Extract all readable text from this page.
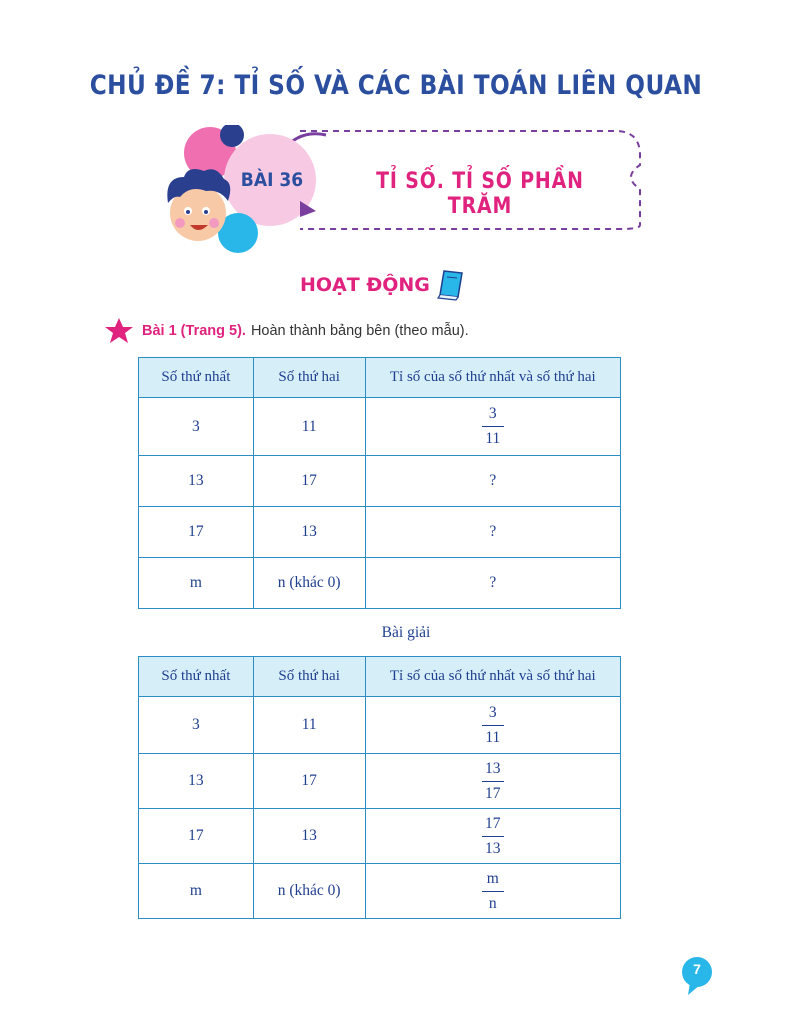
CHỦ ĐỀ 7: TỈ SỐ VÀ CÁC BÀI TOÁN LIÊN QUAN
BÀI 36	TỈ SỐ. TỈ SỐ PHẦN TRĂM
HOẠT ĐỘNG
Bài 1 (Trang 5). Hoàn thành bảng bên (theo mẫu).
Số thứ nhất	Số thứ hai	Tỉ số của số thứ nhất và số thứ hai
3	11	$\frac{3}{11}$

13	17	?
17	13	?
m	n (khác 0)	?
Bài giải
Số thứ nhất	Số thứ hai	Tỉ số của số thứ nhất và số thứ hai
3	11	$\frac{3}{11}$

13	17	$\frac{13}{17}$

17	13	$\frac{17}{13}$

m	n (khác 0)	$\frac{m}{n}$
7
